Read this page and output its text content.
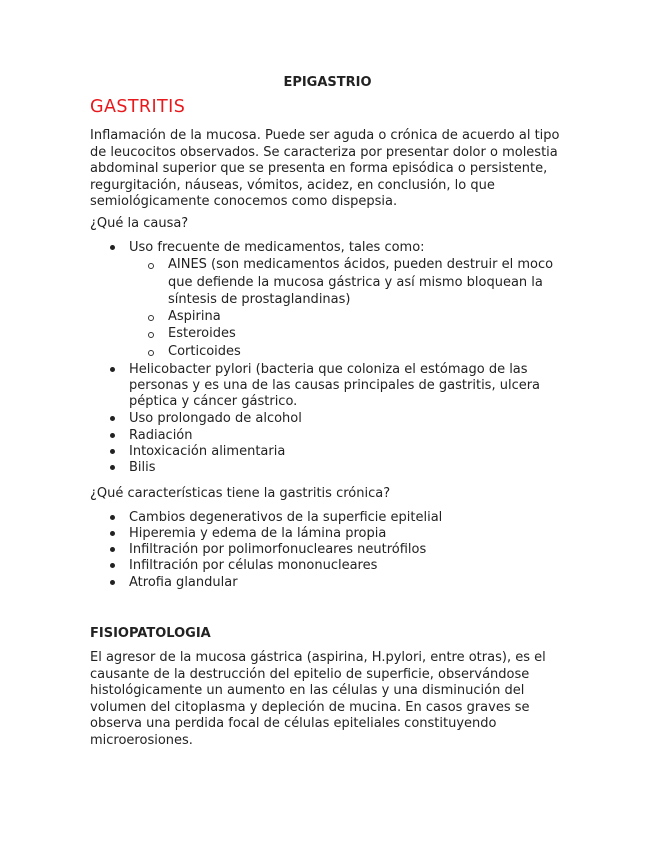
EPIGASTRIO
GASTRITIS
Inflamación de la mucosa. Puede ser aguda o crónica de acuerdo al tipo
de leucocitos observados. Se caracteriza por presentar dolor o molestia
abdominal superior que se presenta en forma episódica o persistente,
regurgitación, náuseas, vómitos, acidez, en conclusión, lo que
semiológicamente conocemos como dispepsia.
¿Qué la causa?
Uso frecuente de medicamentos, tales como:
AINES (son medicamentos ácidos, pueden destruir el moco
que defiende la mucosa gástrica y así mismo bloquean la
síntesis de prostaglandinas)
Aspirina
Esteroides
Corticoides
Helicobacter pylori (bacteria que coloniza el estómago de las
personas y es una de las causas principales de gastritis, ulcera
péptica y cáncer gástrico.
Uso prolongado de alcohol
Radiación
Intoxicación alimentaria
Bilis
¿Qué características tiene la gastritis crónica?
Cambios degenerativos de la superficie epitelial
Hiperemia y edema de la lámina propia
Infiltración por polimorfonucleares neutrófilos
Infiltración por células mononucleares
Atrofia glandular
FISIOPATOLOGIA
El agresor de la mucosa gástrica (aspirina, H.pylori, entre otras), es el
causante de la destrucción del epitelio de superficie, observándose
histológicamente un aumento en las células y una disminución del
volumen del citoplasma y depleción de mucina. En casos graves se
observa una perdida focal de células epiteliales constituyendo
microerosiones.
